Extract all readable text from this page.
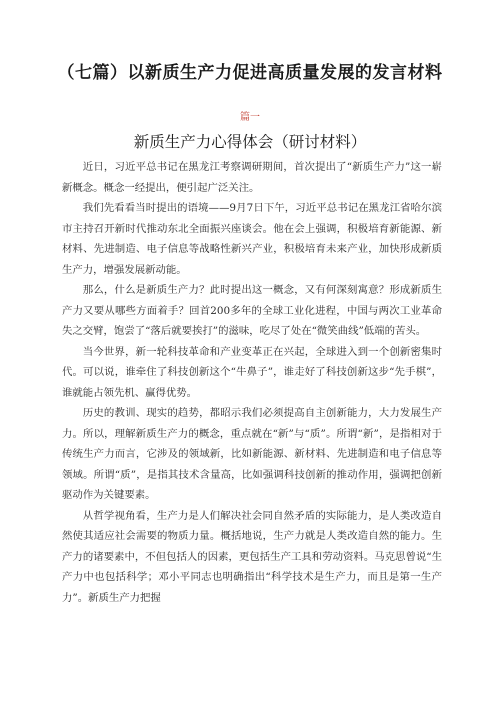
（七篇）以新质生产力促进高质量发展的发言材料
篇一
新质生产力心得体会（研讨材料）

近日，习近平总书记在黑龙江考察调研期间，首次提出了“新质生产力”这一崭新概念。概念一经提出，便引起广泛关注。

我们先看看当时提出的语境——9月7日下午，习近平总书记在黑龙江省哈尔滨市主持召开新时代推动东北全面振兴座谈会。他在会上强调，积极培育新能源、新材料、先进制造、电子信息等战略性新兴产业，积极培育未来产业，加快形成新质生产力，增强发展新动能。

那么，什么是新质生产力？此时提出这一概念，又有何深刻寓意？形成新质生产力又要从哪些方面着手？回首200多年的全球工业化进程，中国与两次工业革命失之交臂，饱尝了“落后就要挨打”的滋味，吃尽了处在“微笑曲线”低端的苦头。

当今世界，新一轮科技革命和产业变革正在兴起，全球进入到一个创新密集时代。可以说，谁牵住了科技创新这个“牛鼻子”，谁走好了科技创新这步“先手棋”，谁就能占领先机、赢得优势。

历史的教训、现实的趋势，都昭示我们必须提高自主创新能力，大力发展生产力。所以，理解新质生产力的概念，重点就在“新”与“质”。所谓“新”，是指相对于传统生产力而言，它涉及的领域新，比如新能源、新材料、先进制造和电子信息等领域。所谓“质”，是指其技术含量高，比如强调科技创新的推动作用，强调把创新驱动作为关键要素。

从哲学视角看，生产力是人们解决社会同自然矛盾的实际能力，是人类改造自然使其适应社会需要的物质力量。概括地说，生产力就是人类改造自然的能力。生产力的诸要素中，不但包括人的因素，更包括生产工具和劳动资料。马克思曾说“生产力中也包括科学；邓小平同志也明确指出“科学技术是生产力，而且是第一生产力”。新质生产力把握
